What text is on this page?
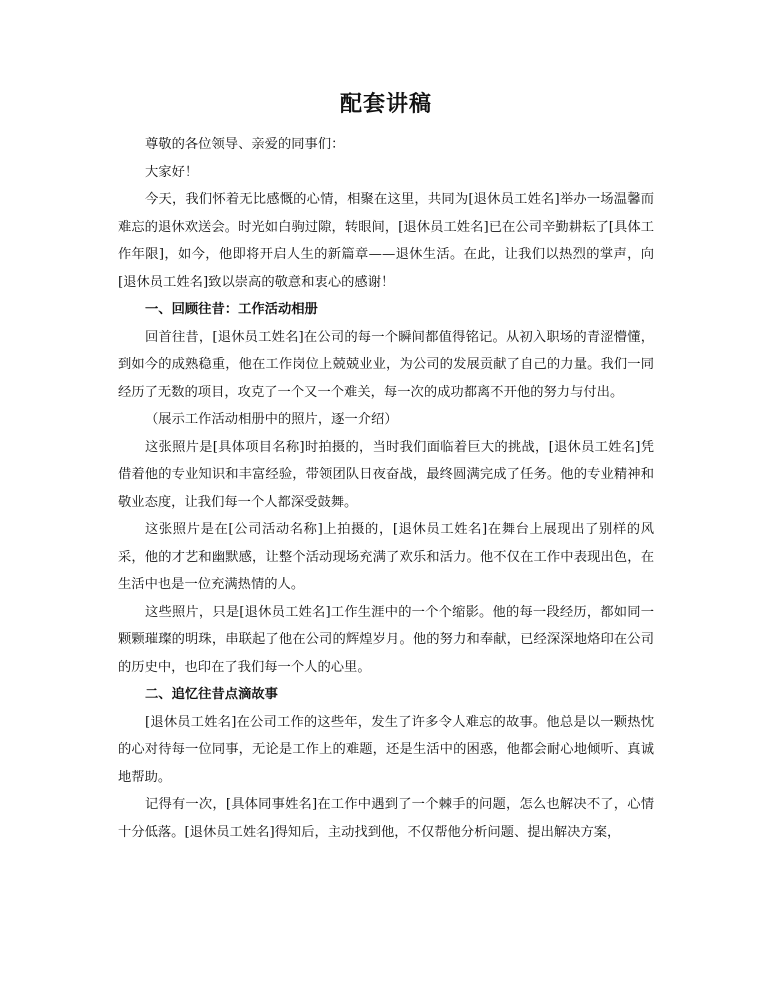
配套讲稿

尊敬的各位领导、亲爱的同事们：

大家好！

今天，我们怀着无比感慨的心情，相聚在这里，共同为[退休员工姓名]举办一场温馨而难忘的退休欢送会。时光如白驹过隙，转眼间，[退休员工姓名]已在公司辛勤耕耘了[具体工作年限]，如今，他即将开启人生的新篇章——退休生活。在此，让我们以热烈的掌声，向[退休员工姓名]致以崇高的敬意和衷心的感谢！

一、回顾往昔：工作活动相册

回首往昔，[退休员工姓名]在公司的每一个瞬间都值得铭记。从初入职场的青涩懵懂，到如今的成熟稳重，他在工作岗位上兢兢业业，为公司的发展贡献了自己的力量。我们一同经历了无数的项目，攻克了一个又一个难关，每一次的成功都离不开他的努力与付出。

（展示工作活动相册中的照片，逐一介绍）

这张照片是[具体项目名称]时拍摄的，当时我们面临着巨大的挑战，[退休员工姓名]凭借着他的专业知识和丰富经验，带领团队日夜奋战，最终圆满完成了任务。他的专业精神和敬业态度，让我们每一个人都深受鼓舞。

这张照片是在[公司活动名称]上拍摄的，[退休员工姓名]在舞台上展现出了别样的风采，他的才艺和幽默感，让整个活动现场充满了欢乐和活力。他不仅在工作中表现出色，在生活中也是一位充满热情的人。

这些照片，只是[退休员工姓名]工作生涯中的一个个缩影。他的每一段经历，都如同一颗颗璀璨的明珠，串联起了他在公司的辉煌岁月。他的努力和奉献，已经深深地烙印在公司的历史中，也印在了我们每一个人的心里。

二、追忆往昔点滴故事

[退休员工姓名]在公司工作的这些年，发生了许多令人难忘的故事。他总是以一颗热忱的心对待每一位同事，无论是工作上的难题，还是生活中的困惑，他都会耐心地倾听、真诚地帮助。

记得有一次，[具体同事姓名]在工作中遇到了一个棘手的问题，怎么也解决不了，心情十分低落。[退休员工姓名]得知后，主动找到他，不仅帮他分析问题、提出解决方案，
